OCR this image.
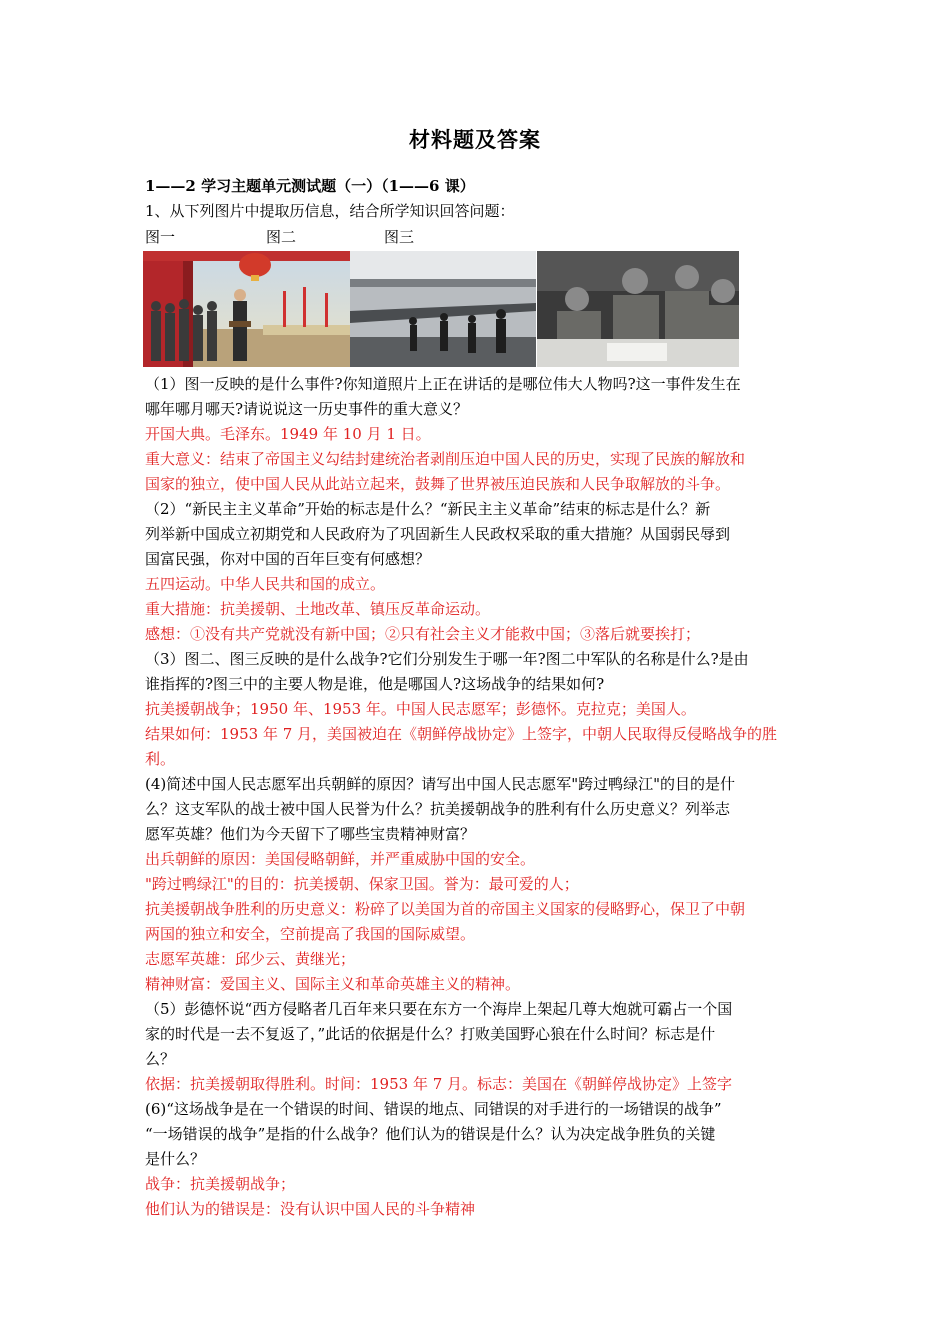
材料题及答案
1——2 学习主题单元测试题（一）（1——6 课）
1、从下列图片中提取历信息，结合所学知识回答问题：
图一	图二	图三
（1）图一反映的是什么事件?你知道照片上正在讲话的是哪位伟大人物吗?这一事件发生在
哪年哪月哪天?请说说这一历史事件的重大意义？
开国大典。毛泽东。1949 年 10 月 1 日。
重大意义：结束了帝国主义勾结封建统治者剥削压迫中国人民的历史，实现了民族的解放和
国家的独立，使中国人民从此站立起来，鼓舞了世界被压迫民族和人民争取解放的斗争。
（2）“新民主主义革命”开始的标志是什么？“新民主主义革命”结束的标志是什么？新
列举新中国成立初期党和人民政府为了巩固新生人民政权采取的重大措施？从国弱民辱到
国富民强，你对中国的百年巨变有何感想？
五四运动。中华人民共和国的成立。
重大措施：抗美援朝、土地改革、镇压反革命运动。
感想：①没有共产党就没有新中国；②只有社会主义才能救中国；③落后就要挨打；
（3）图二、图三反映的是什么战争?它们分别发生于哪一年?图二中军队的名称是什么?是由
谁指挥的?图三中的主要人物是谁，他是哪国人?这场战争的结果如何?
抗美援朝战争；1950 年、1953 年。中国人民志愿军；彭德怀。克拉克；美国人。
结果如何：1953 年 7 月，美国被迫在《朝鲜停战协定》上签字，中朝人民取得反侵略战争的胜
利。
(4)简述中国人民志愿军出兵朝鲜的原因？请写出中国人民志愿军"跨过鸭绿江"的目的是什
么？这支军队的战士被中国人民誉为什么？抗美援朝战争的胜利有什么历史意义？列举志
愿军英雄？他们为今天留下了哪些宝贵精神财富？
出兵朝鲜的原因：美国侵略朝鲜，并严重威胁中国的安全。
"跨过鸭绿江"的目的：抗美援朝、保家卫国。誉为：最可爱的人；
抗美援朝战争胜利的历史意义：粉碎了以美国为首的帝国主义国家的侵略野心，保卫了中朝
两国的独立和安全，空前提高了我国的国际威望。
志愿军英雄：邱少云、黄继光；
精神财富：爱国主义、国际主义和革命英雄主义的精神。
（5）彭德怀说“西方侵略者几百年来只要在东方一个海岸上架起几尊大炮就可霸占一个国
家的时代是一去不复返了，”此话的依据是什么？打败美国野心狼在什么时间？标志是什
么？
依据：抗美援朝取得胜利。时间：1953 年 7 月。标志：美国在《朝鲜停战协定》上签字
(6)“这场战争是在一个错误的时间、错误的地点、同错误的对手进行的一场错误的战争”
“一场错误的战争”是指的什么战争？他们认为的错误是什么？认为决定战争胜负的关键
是什么？
战争：抗美援朝战争；
他们认为的错误是：没有认识中国人民的斗争精神
